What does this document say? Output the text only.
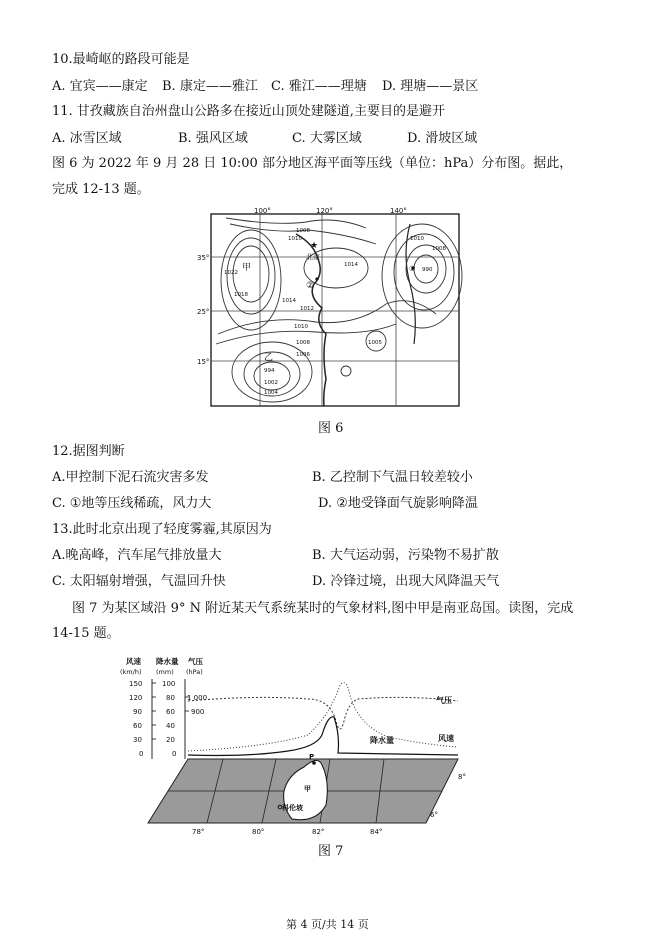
10.最崎岖的路段可能是
A. 宜宾——康定 B. 康定——雅江 C. 雅江——理塘 D. 理塘——景区
11. 甘孜藏族自治州盘山公路多在接近山顶处建隧道,主要目的是避开
A. 冰雪区域	B. 强风区域	C. 大雾区域	D. 滑坡区域
图 6 为 2022 年 9 月 28 日 10:00 部分地区海平面等压线（单位：hPa）分布图。据此，
完成 12-13 题。
100°	120°	140°
35°
25°
15°
1008
1010
1014
1022
1018
1014
1012
1010
1008	1005
1006
994
1002
1004
1010
1008
990
★
北京
甲
乙
①
②
图 6
12.据图判断
A.甲控制下泥石流灾害多发	B. 乙控制下气温日较差较小
C. ①地等压线稀疏，风力大	D. ②地受锋面气旋影响降温
13.此时北京出现了轻度雾霾,其原因为
A.晚高峰，汽车尾气排放量大	B. 大气运动弱，污染物不易扩散
C. 太阳辐射增强，气温回升快	D. 冷锋过境，出现大风降温天气
图 7 为某区域沿 9° N 附近某天气系统某时的气象材料,图中甲是南亚岛国。读图，完成
14-15 题。
风速 降水量 气压
(km/h) (mm) (hPa)
150
120
90
60
30
0
100
80
60
40
20
0
1 000
900
气压
降水量	风速
P
甲
科伦坡
78°	80°	82°	84°
8°
6°
图 7
第 4 页/共 14 页
